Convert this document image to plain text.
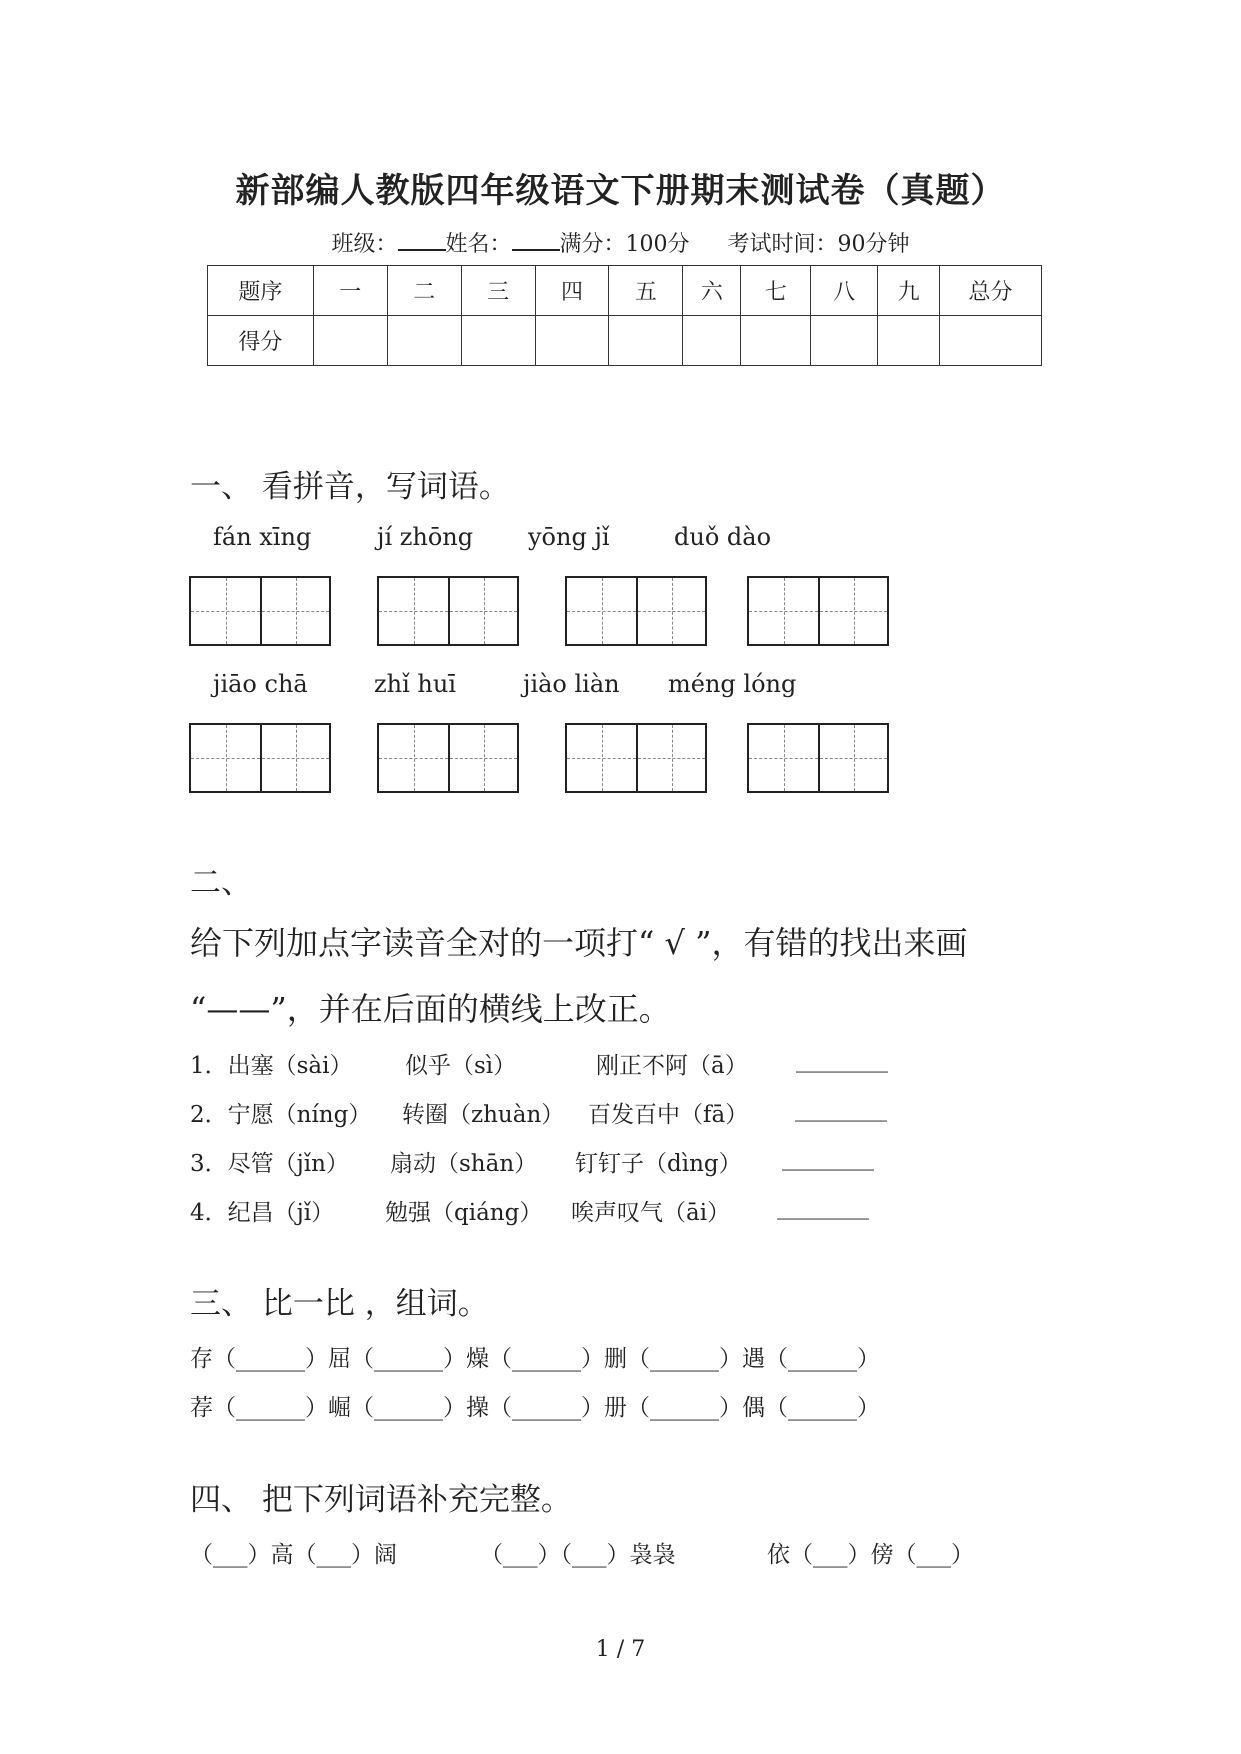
新部编人教版四年级语文下册期末测试卷（真题）
班级： 姓名： 满分：100分 考试时间：90分钟
题序	一	二	三	四	五	六	七	八	九	总分
得分										
一、 看拼音，写词语。
fán xīng	jí zhōng yōng jǐ	duǒ dào
jiāo chā	zhǐ huī	jiào liàn méng lóng
二、
给下列加点字读音全对的一项打“ √ ”，有错的找出来画
“——”，并在后面的横线上改正。
1．出塞（sài） 似乎（sì）	刚正不阿（ā） ________
2．宁愿（níng） 转圈（zhuàn） 百发百中（fā） ________
3．尽管（jǐn） 扇动（shān） 钉钉子（dìng） ________
4．纪昌（jǐ） 勉强（qiáng） 唉声叹气（āi） ________
三、 比一比 ，组词。
存（______）屈（______）燥（______）删（______）遇（______）
荐（______）崛（______）操（______）册（______）偶（______）
四、 把下列词语补充完整。
（___）高（___）阔	（___）（___）袅袅	依（___）傍（___）
1 / 7
